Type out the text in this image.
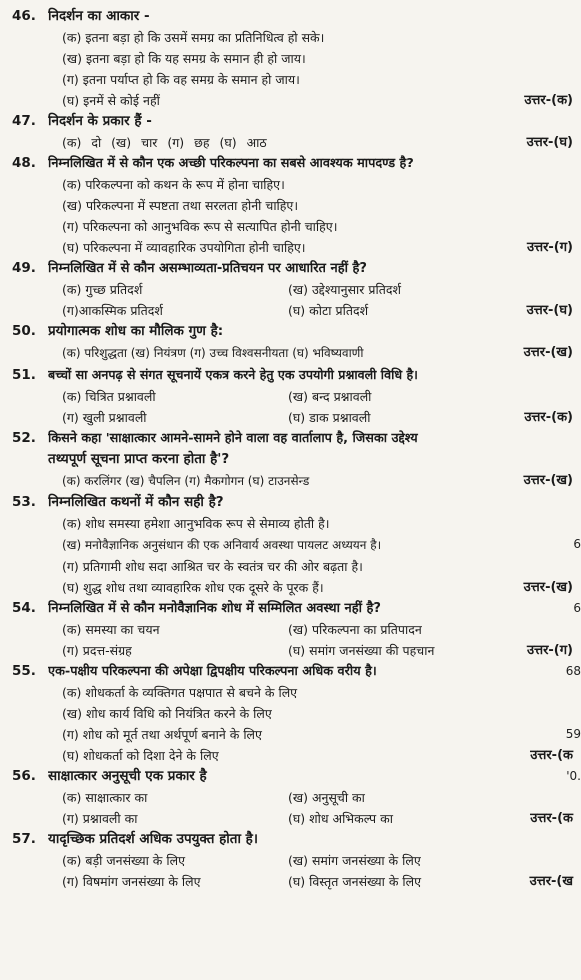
46. निदर्शन का आकार -
(क) इतना बड़ा हो कि उसमें समग्र का प्रतिनिधित्व हो सके।
(ख) इतना बड़ा हो कि यह समग्र के समान ही हो जाय।
(ग) इतना पर्याप्त हो कि वह समग्र के समान हो जाय।
(घ) इनमें से कोई नहीं	उत्तर-(क)
47. निदर्शन के प्रकार हैं -
(क) दो (ख) चार (ग) छह (घ) आठ	उत्तर-(घ)
48. निम्नलिखित में से कौन एक अच्छी परिकल्पना का सबसे आवश्यक मापदण्ड है?
(क) परिकल्पना को कथन के रूप में होना चाहिए।
(ख) परिकल्पना में स्पष्टता तथा सरलता होनी चाहिए।
(ग) परिकल्पना को आनुभविक रूप से सत्यापित होनी चाहिए।
(घ) परिकल्पना में व्यावहारिक उपयोगिता होनी चाहिए।	उत्तर-(ग)
49. निम्नलिखित में से कौन असम्भाव्यता-प्रतिचयन पर आधारित नहीं है?
(क) गुच्छ प्रतिदर्श	(ख) उद्देश्यानुसार प्रतिदर्श
(ग)आकस्मिक प्रतिदर्श	(घ) कोटा प्रतिदर्श	उत्तर-(घ)
50. प्रयोगात्मक शोध का मौलिक गुण है:
(क) परिशुद्धता (ख) नियंत्रण (ग) उच्च विश्वसनीयता (घ) भविष्यवाणी	उत्तर-(ख)
51. बच्चों सा अनपढ़ से संगत सूचनायें एकत्र करने हेतु एक उपयोगी प्रश्नावली विधि है।
(क) चित्रित प्रश्नावली	(ख) बन्द प्रश्नावली
(ग) खुली प्रश्नावली	(घ) डाक प्रश्नावली	उत्तर-(क)
52. किसने कहा 'साक्षात्कार आमने-सामने होने वाला वह वार्तालाप है, जिसका उद्देश्य
तथ्यपूर्ण सूचना प्राप्त करना होता है'?
(क) करलिंगर (ख) चैपलिन (ग) मैकगोगन (घ) टाउनसेन्ड	उत्तर-(ख)
53. निम्नलिखित कथनों में कौन सही है?
(क) शोध समस्या हमेशा आनुभविक रूप से सेमाव्य होती है।
(ख) मनोवैज्ञानिक अनुसंधान की एक अनिवार्य अवस्था पायलट अध्ययन है।	6
(ग) प्रतिगामी शोध सदा आश्रित चर के स्वतंत्र चर की ओर बढ़ता है।
(घ) शुद्ध शोध तथा व्यावहारिक शोध एक दूसरे के पूरक हैं।	उत्तर-(ख)
54. निम्नलिखित में से कौन मनोवैज्ञानिक शोध में सम्मिलित अवस्था नहीं है?	6
(क) समस्या का चयन	(ख) परिकल्पना का प्रतिपादन
(ग) प्रदत्त-संग्रह	(घ) समांग जनसंख्या की पहचान	उत्तर-(ग)
55. एक-पक्षीय परिकल्पना की अपेक्षा द्विपक्षीय परिकल्पना अधिक वरीय है।	68
(क) शोधकर्ता के व्यक्तिगत पक्षपात से बचने के लिए
(ख) शोध कार्य विधि को नियंत्रित करने के लिए
(ग) शोध को मूर्त तथा अर्थपूर्ण बनाने के लिए	59
(घ) शोधकर्ता को दिशा देने के लिए	उत्तर-(क
56. साक्षात्कार अनुसूची एक प्रकार है	'0.
(क) साक्षात्कार का	(ख) अनुसूची का
(ग) प्रश्नावली का	(घ) शोध अभिकल्प का	उत्तर-(क
57. यादृच्छिक प्रतिदर्श अधिक उपयुक्त होता है।
(क) बड़ी जनसंख्या के लिए	(ख) समांग जनसंख्या के लिए
(ग) विषमांग जनसंख्या के लिए	(घ) विस्तृत जनसंख्या के लिए	उत्तर-(ख
